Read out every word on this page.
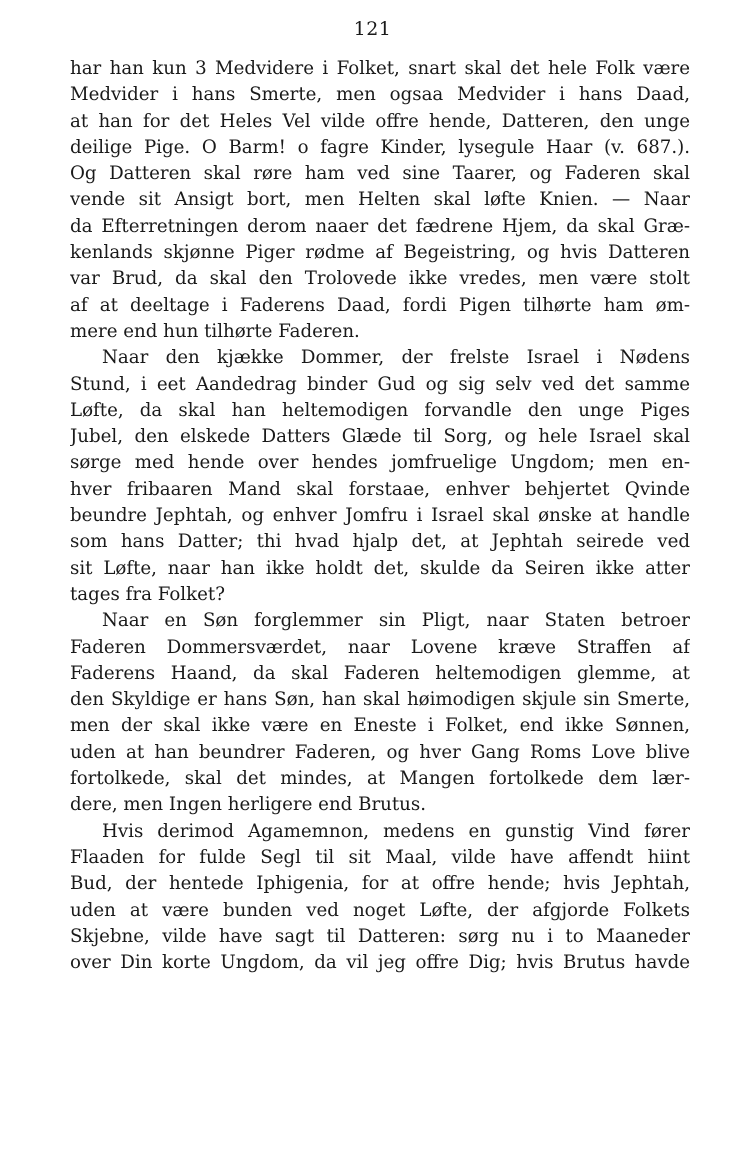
121
har han kun 3 Medvidere i Folket, snart skal det hele Folk være
Medvider i hans Smerte, men ogsaa Medvider i hans Daad,
at han for det Heles Vel vilde offre hende, Datteren, den unge
deilige Pige. O Barm! o fagre Kinder, lysegule Haar (v. 687.).
Og Datteren skal røre ham ved sine Taarer, og Faderen skal
vende sit Ansigt bort, men Helten skal løfte Knien. — Naar
da Efterretningen derom naaer det fædrene Hjem, da skal Græ-
kenlands skjønne Piger rødme af Begeistring, og hvis Datteren
var Brud, da skal den Trolovede ikke vredes, men være stolt
af at deeltage i Faderens Daad, fordi Pigen tilhørte ham øm-
mere end hun tilhørte Faderen.
Naar den kjække Dommer, der frelste Israel i Nødens
Stund, i eet Aandedrag binder Gud og sig selv ved det samme
Løfte, da skal han heltemodigen forvandle den unge Piges
Jubel, den elskede Datters Glæde til Sorg, og hele Israel skal
sørge med hende over hendes jomfruelige Ungdom; men en-
hver fribaaren Mand skal forstaae, enhver behjertet Qvinde
beundre Jephtah, og enhver Jomfru i Israel skal ønske at handle
som hans Datter; thi hvad hjalp det, at Jephtah seirede ved
sit Løfte, naar han ikke holdt det, skulde da Seiren ikke atter
tages fra Folket?
Naar en Søn forglemmer sin Pligt, naar Staten betroer
Faderen Dommersværdet, naar Lovene kræve Straffen af
Faderens Haand, da skal Faderen heltemodigen glemme, at
den Skyldige er hans Søn, han skal høimodigen skjule sin Smerte,
men der skal ikke være en Eneste i Folket, end ikke Sønnen,
uden at han beundrer Faderen, og hver Gang Roms Love blive
fortolkede, skal det mindes, at Mangen fortolkede dem lær-
dere, men Ingen herligere end Brutus.
Hvis derimod Agamemnon, medens en gunstig Vind fører
Flaaden for fulde Segl til sit Maal, vilde have affendt hiint
Bud, der hentede Iphigenia, for at offre hende; hvis Jephtah,
uden at være bunden ved noget Løfte, der afgjorde Folkets
Skjebne, vilde have sagt til Datteren: sørg nu i to Maaneder
over Din korte Ungdom, da vil jeg offre Dig; hvis Brutus havde
